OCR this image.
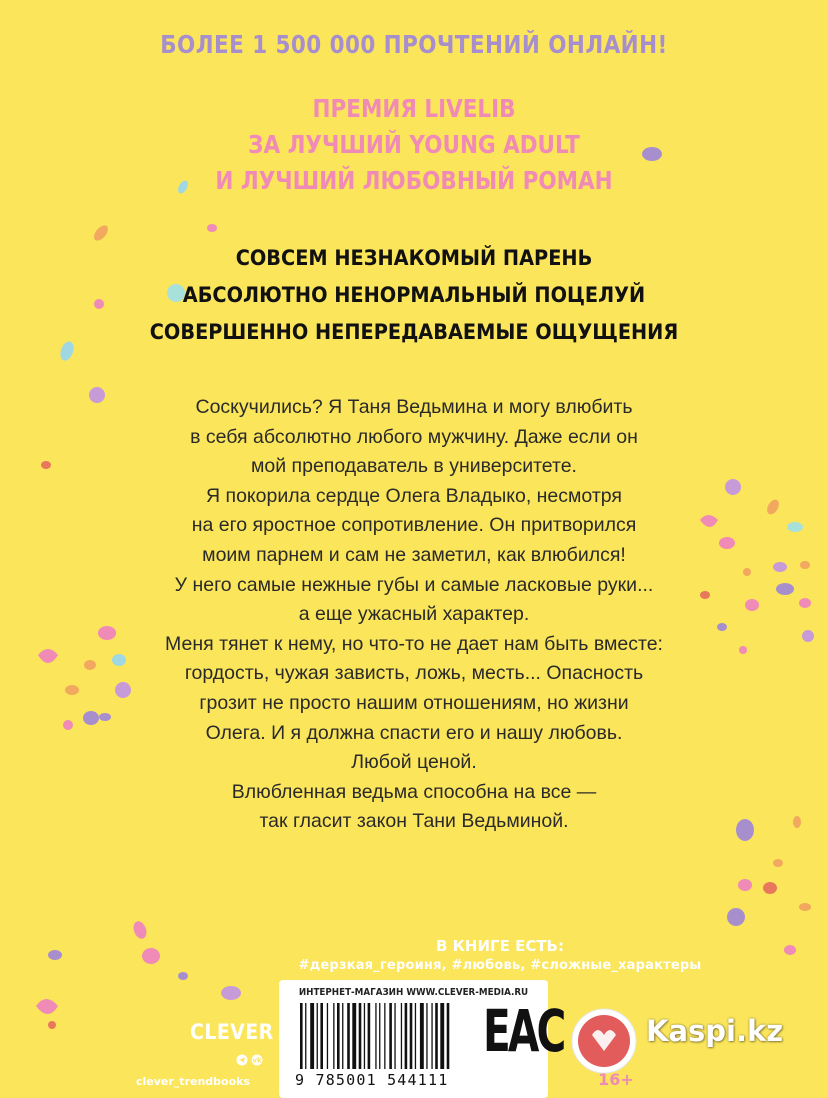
БОЛЕЕ 1 500 000 ПРОЧТЕНИЙ ОНЛАЙН!
ПРЕМИЯ LIVELIB
ЗА ЛУЧШИЙ YOUNG ADULT
И ЛУЧШИЙ ЛЮБОВНЫЙ РОМАН
СОВСЕМ НЕЗНАКОМЫЙ ПАРЕНЬ
АБСОЛЮТНО НЕНОРМАЛЬНЫЙ ПОЦЕЛУЙ
СОВЕРШЕННО НЕПЕРЕДАВАЕМЫЕ ОЩУЩЕНИЯ
Соскучились? Я Таня Ведьмина и могу влюбить
в себя абсолютно любого мужчину. Даже если он
мой преподаватель в университете.
Я покорила сердце Олега Владыко, несмотря
на его яростное сопротивление. Он притворился
моим парнем и сам не заметил, как влюбился!
У него самые нежные губы и самые ласковые руки...
а еще ужасный характер.
Меня тянет к нему, но что-то не дает нам быть вместе:
гордость, чужая зависть, ложь, месть... Опасность
грозит не просто нашим отношениям, но жизни
Олега. И я должна спасти его и нашу любовь.
Любой ценой.
Влюбленная ведьма способна на все —
так гласит закон Тани Ведьминой.
В КНИГЕ ЕСТЬ:
#дерзкая_героиня, #любовь, #сложные_характеры
ИНТЕРНЕТ-МАГАЗИН WWW.CLEVER-MEDIA.RU
9 785001 544111
EAC
CLEVER
vk
clever_trendbooks	16+
Kaspi.kz
